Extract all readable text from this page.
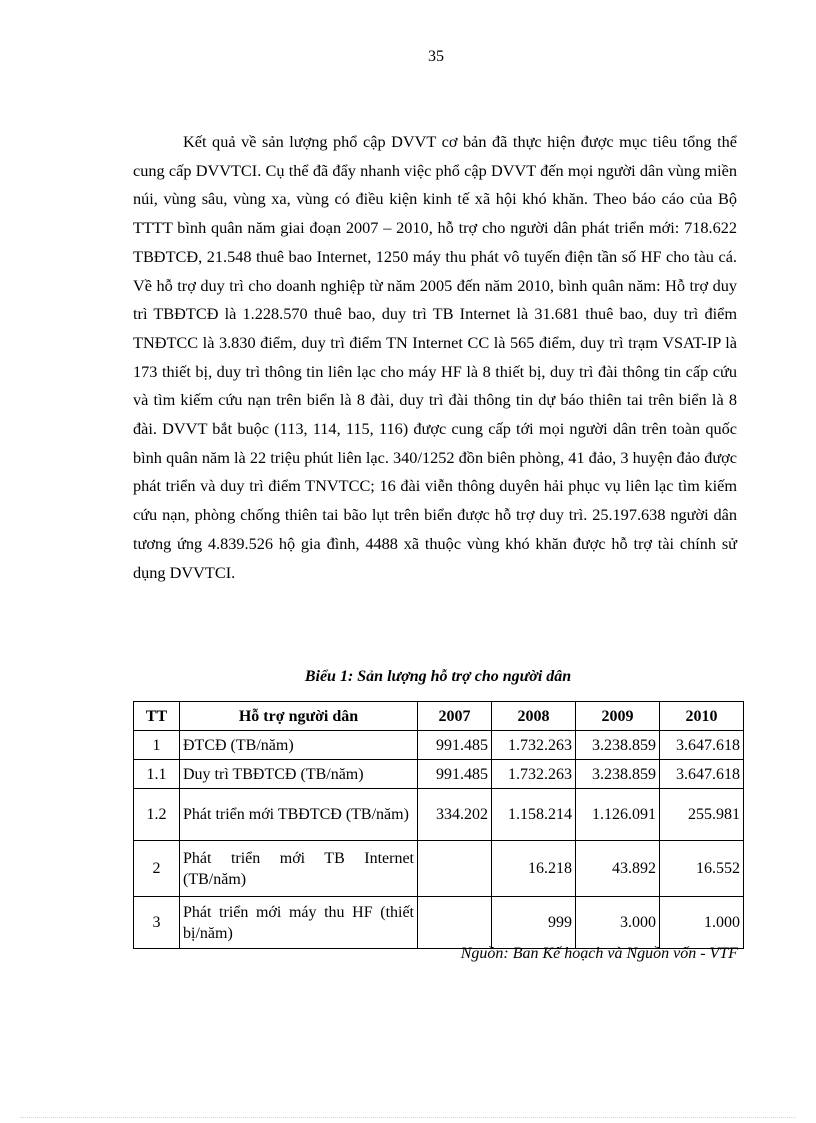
35

Kết quả về sản lượng phổ cập DVVT cơ bản đã thực hiện được mục tiêu tổng thể cung cấp DVVTCI. Cụ thể đã đẩy nhanh việc phổ cập DVVT đến mọi người dân vùng miền núi, vùng sâu, vùng xa, vùng có điều kiện kinh tế xã hội khó khăn. Theo báo cáo của Bộ TTTT bình quân năm giai đoạn 2007 – 2010, hỗ trợ cho người dân phát triển mới: 718.622 TBĐTCĐ, 21.548 thuê bao Internet, 1250 máy thu phát vô tuyến điện tần số HF cho tàu cá. Về hỗ trợ duy trì cho doanh nghiệp từ năm 2005 đến năm 2010, bình quân năm: Hỗ trợ duy trì TBĐTCĐ là 1.228.570 thuê bao, duy trì TB Internet là 31.681 thuê bao, duy trì điểm TNĐTCC là 3.830 điểm, duy trì điểm TN Internet CC là 565 điểm, duy trì trạm VSAT-IP là 173 thiết bị, duy trì thông tin liên lạc cho máy HF là 8 thiết bị, duy trì đài thông tin cấp cứu và tìm kiếm cứu nạn trên biển là 8 đài, duy trì đài thông tin dự báo thiên tai trên biển là 8 đài. DVVT bắt buộc (113, 114, 115, 116) được cung cấp tới mọi người dân trên toàn quốc bình quân năm là 22 triệu phút liên lạc. 340/1252 đồn biên phòng, 41 đảo, 3 huyện đảo được phát triển và duy trì điểm TNVTCC; 16 đài viễn thông duyên hải phục vụ liên lạc tìm kiếm cứu nạn, phòng chống thiên tai bão lụt trên biển được hỗ trợ duy trì. 25.197.638 người dân tương ứng 4.839.526 hộ gia đình, 4488 xã thuộc vùng khó khăn được hỗ trợ tài chính sử dụng DVVTCI.

Biểu 1: Sản lượng hỗ trợ cho người dân
TT	Hỗ trợ người dân	2007	2008	2009	2010
1	ĐTCĐ (TB/năm)	991.485	1.732.263	3.238.859	3.647.618
1.1	Duy trì TBĐTCĐ (TB/năm)	991.485	1.732.263	3.238.859	3.647.618
1.2	Phát triển mới TBĐTCĐ (TB/năm)	334.202	1.158.214	1.126.091	255.981
2	Phát triển mới TB Internet (TB/năm)		16.218	43.892	16.552
3	Phát triển mới máy thu HF (thiết bị/năm)		999	3.000	1.000
Nguồn: Ban Kế hoạch và Nguồn vốn - VTF
